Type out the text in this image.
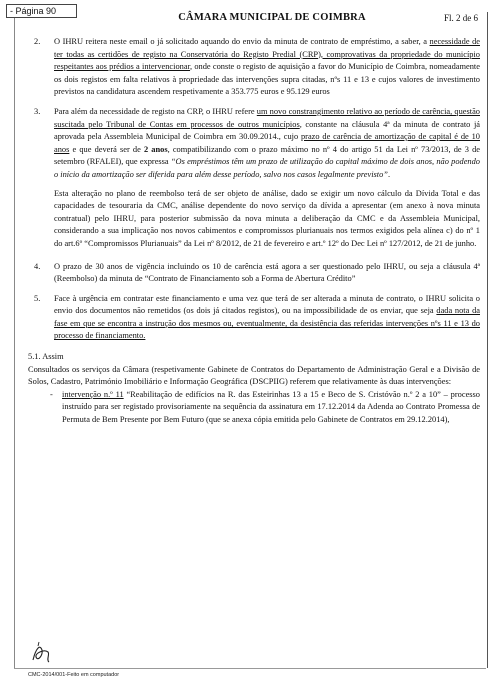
- Página 90
CÂMARA MUNICIPAL DE COIMBRA	Fl. 2 de 6
2. O IHRU reitera neste email o já solicitado aquando do envio da minuta de contrato de empréstimo, a saber, a necessidade de ter todas as certidões de registo na Conservatória do Registo Predial (CRP), comprovativas da propriedade do município respeitantes aos prédios a intervencionar, onde conste o registo de aquisição a favor do Município de Coimbra, nomeadamente os dois registos em falta relativos à propriedade das intervenções supra citadas, nºs 11 e 13 e cujos valores de investimento previstos na candidatura ascendem respetivamente a 353.775 euros e 95.129 euros
3. Para além da necessidade de registo na CRP, o IHRU refere um novo constrangimento relativo ao período de carência, questão suscitada pelo Tribunal de Contas em processos de outros municípios, constante na cláusula 4ª da minuta de contrato já aprovada pela Assembleia Municipal de Coimbra em 30.09.2014., cujo prazo de carência de amortização de capital é de 10 anos e que deverá ser de 2 anos, compatibilizando com o prazo máximo no nº 4 do artigo 51 da Lei nº 73/2013, de 3 de setembro (RFALEI), que expressa “Os empréstimos têm um prazo de utilização do capital máximo de dois anos, não podendo o início da amortização ser diferida para além desse período, salvo nos casos legalmente previsto”.
Esta alteração no plano de reembolso terá de ser objeto de análise, dado se exigir um novo cálculo da Dívida Total e das capacidades de tesouraria da CMC, análise dependente do novo serviço da dívida a apresentar (em anexo à nova minuta contratual) pelo IHRU, para posterior submissão da nova minuta a deliberação da CMC e da Assembleia Municipal, considerando a sua implicação nos novos cabimentos e compromissos plurianuais nos termos exigidos pela alínea c) do nº 1 do art.6º “Compromissos Plurianuais” da Lei nº 8/2012, de 21 de fevereiro e art.º 12º do Dec Lei nº 127/2012, de 21 de junho.
4. O prazo de 30 anos de vigência incluindo os 10 de carência está agora a ser questionado pelo IHRU, ou seja a cláusula 4ª (Reembolso) da minuta de “Contrato de Financiamento sob a Forma de Abertura Crédito”
5. Face à urgência em contratar este financiamento e uma vez que terá de ser alterada a minuta de contrato, o IHRU solicita o envio dos documentos não remetidos (os dois já citados registos), ou na impossibilidade de os enviar, que seja dada nota da fase em que se encontra a instrução dos mesmos ou, eventualmente, da desistência das referidas intervenções nºs 11 e 13 do processo de financiamento.
5.1. Assim
Consultados os serviços da Câmara (respetivamente Gabinete de Contratos do Departamento de Administração Geral e a Divisão de Solos, Cadastro, Património Imobiliário e Informação Geográfica (DSCPIIG) referem que relativamente às duas intervenções:
- intervenção n.º 11 “Reabilitação de edifícios na R. das Esteirinhas 13 a 15 e Beco de S. Cristóvão n.º 2 a 10” – processo instruído para ser registado provisoriamente na sequência da assinatura em 17.12.2014 da Adenda ao Contrato Promessa de Permuta de Bem Presente por Bem Futuro (que se anexa cópia emitida pelo Gabinete de Contratos em 29.12.2014),
CMC-2014/001-Feito em computador
